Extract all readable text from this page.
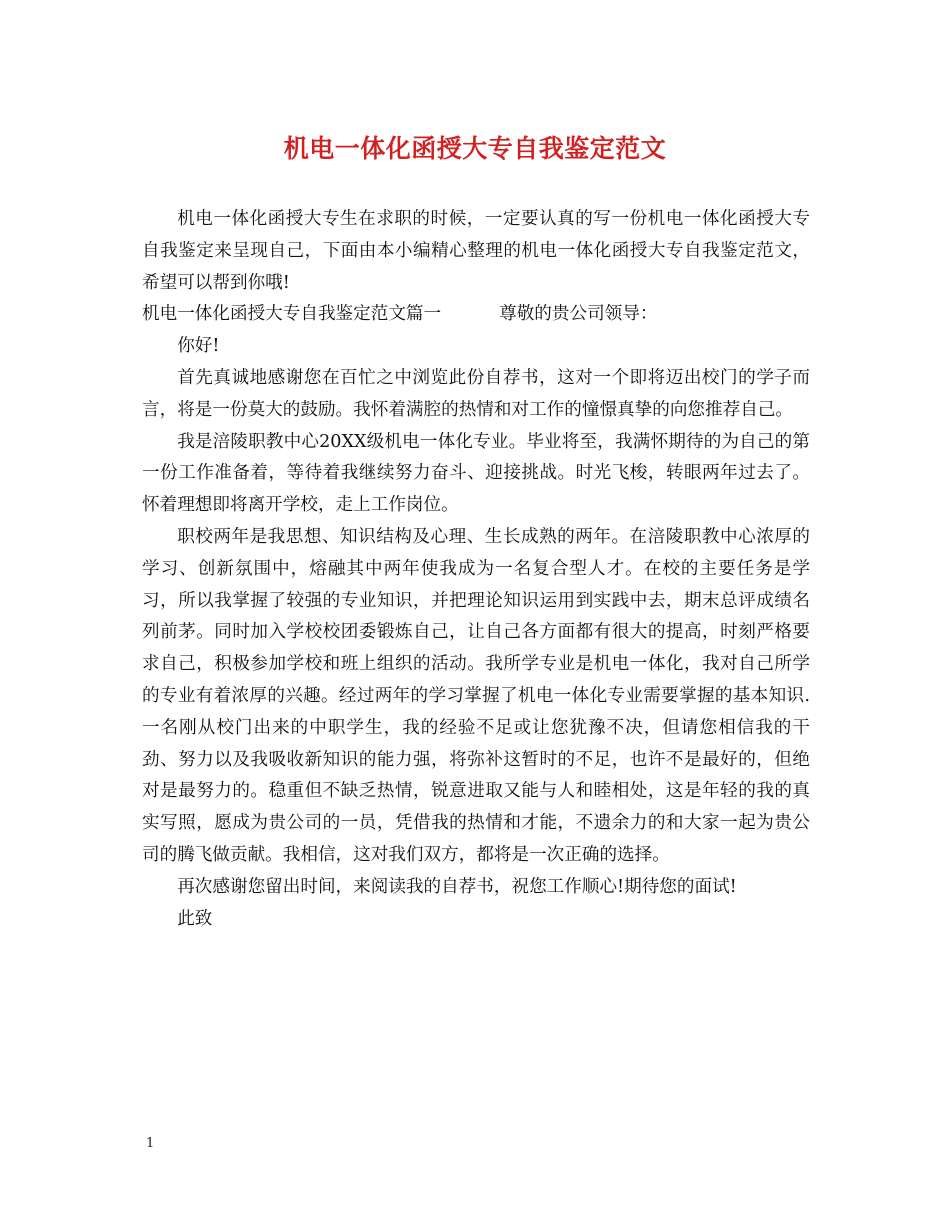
机电一体化函授大专自我鉴定范文

机电一体化函授大专生在求职的时候，一定要认真的写一份机电一体化函授大专自我鉴定来呈现自己，下面由本小编精心整理的机电一体化函授大专自我鉴定范文，希望可以帮到你哦!

机电一体化函授大专自我鉴定范文篇一	尊敬的贵公司领导：

你好!

首先真诚地感谢您在百忙之中浏览此份自荐书，这对一个即将迈出校门的学子而言，将是一份莫大的鼓励。我怀着满腔的热情和对工作的憧憬真挚的向您推荐自己。

我是涪陵职教中心20XX级机电一体化专业。毕业将至，我满怀期待的为自己的第一份工作准备着，等待着我继续努力奋斗、迎接挑战。时光飞梭，转眼两年过去了。怀着理想即将离开学校，走上工作岗位。

职校两年是我思想、知识结构及心理、生长成熟的两年。在涪陵职教中心浓厚的学习、创新氛围中，熔融其中两年使我成为一名复合型人才。在校的主要任务是学习，所以我掌握了较强的专业知识，并把理论知识运用到实践中去，期末总评成绩名列前茅。同时加入学校校团委锻炼自己，让自己各方面都有很大的提高，时刻严格要求自己，积极参加学校和班上组织的活动。我所学专业是机电一体化，我对自己所学的专业有着浓厚的兴趣。经过两年的学习掌握了机电一体化专业需要掌握的基本知识.一名刚从校门出来的中职学生，我的经验不足或让您犹豫不决，但请您相信我的干劲、努力以及我吸收新知识的能力强，将弥补这暂时的不足，也许不是最好的，但绝对是最努力的。稳重但不缺乏热情，锐意进取又能与人和睦相处，这是年轻的我的真实写照，愿成为贵公司的一员，凭借我的热情和才能，不遗余力的和大家一起为贵公司的腾飞做贡献。我相信，这对我们双方，都将是一次正确的选择。

再次感谢您留出时间，来阅读我的自荐书，祝您工作顺心!期待您的面试!

此致

1
